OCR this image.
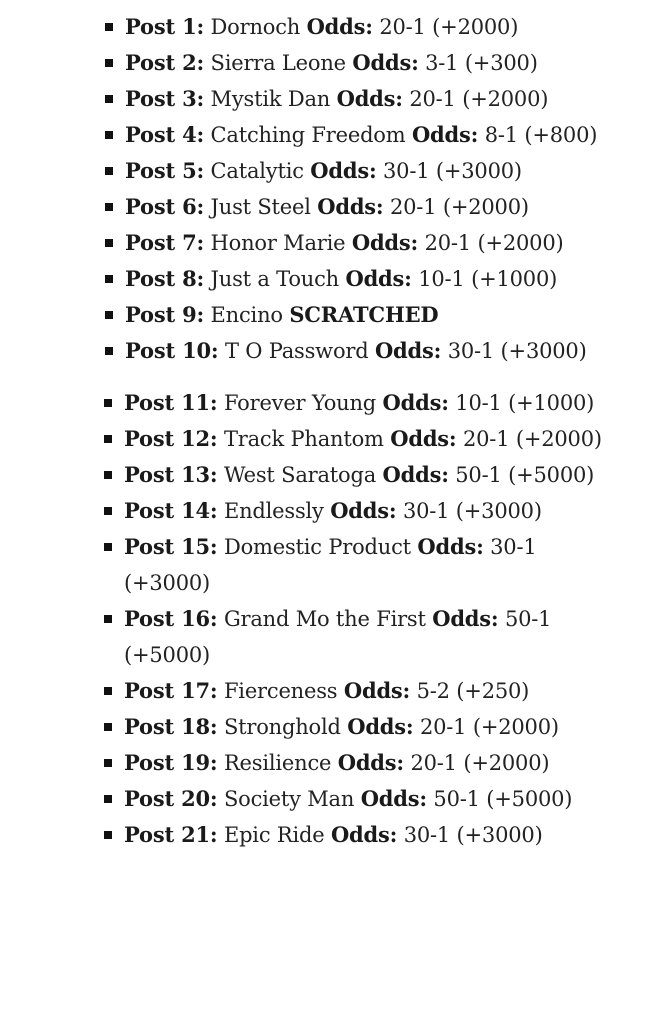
Post 1: Dornoch Odds: 20-1 (+2000)
Post 2: Sierra Leone Odds: 3-1 (+300)
Post 3: Mystik Dan Odds: 20-1 (+2000)
Post 4: Catching Freedom Odds: 8-1 (+800)
Post 5: Catalytic Odds: 30-1 (+3000)
Post 6: Just Steel Odds: 20-1 (+2000)
Post 7: Honor Marie Odds: 20-1 (+2000)
Post 8: Just a Touch Odds: 10-1 (+1000)
Post 9: Encino SCRATCHED
Post 10: T O Password Odds: 30-1 (+3000)
Post 11: Forever Young Odds: 10-1 (+1000)
Post 12: Track Phantom Odds: 20-1 (+2000)
Post 13: West Saratoga Odds: 50-1 (+5000)
Post 14: Endlessly Odds: 30-1 (+3000)
Post 15: Domestic Product Odds: 30-1 (+3000)
Post 16: Grand Mo the First Odds: 50-1 (+5000)
Post 17: Fierceness Odds: 5-2 (+250)
Post 18: Stronghold Odds: 20-1 (+2000)
Post 19: Resilience Odds: 20-1 (+2000)
Post 20: Society Man Odds: 50-1 (+5000)
Post 21: Epic Ride Odds: 30-1 (+3000)
